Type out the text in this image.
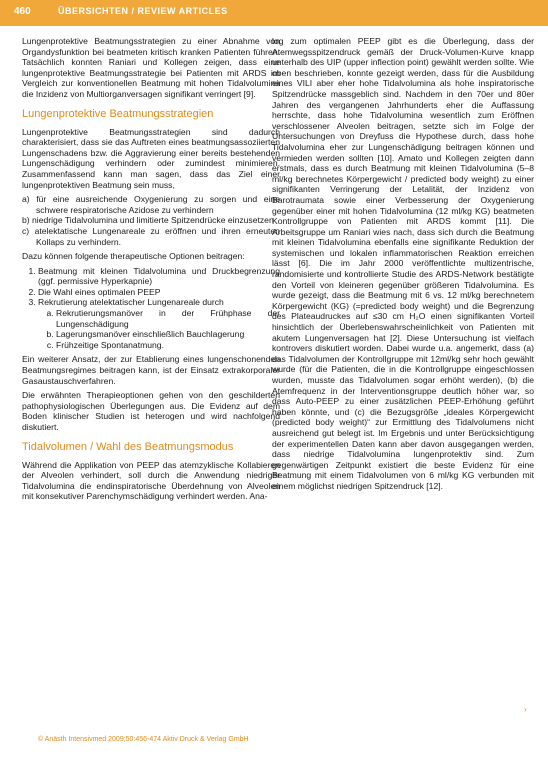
460	ÜBERSICHTEN / REVIEW ARTICLES

Lungenprotektive Beatmungsstrategien zu einer Abnahme von Organdysfunktion bei beatmeten kritisch kranken Patienten führen. Tatsächlich konnten Raniari und Kollegen zeigen, dass eine lungenprotektive Beatmungsstrategie bei Patienten mit ARDS im Vergleich zur konventionellen Beatmung mit hohen Tidalvolumina die Inzidenz von Multiorganversagen signifikant verringert [9].

Lungenprotektive Beatmungsstrategien

Lungenprotektive Beatmungsstrategien sind dadurch charakterisiert, dass sie das Auftreten eines beatmungsassoziierten Lungenschadens bzw. die Aggravierung einer bereits bestehenden Lungenschädigung verhindern oder zumindest minimieren. Zusammenfassend kann man sagen, dass das Ziel einer lungenprotektiven Beatmung sein muss,

a) für eine ausreichende Oxygenierung zu sorgen und eine schwere respiratorische Azidose zu verhindern
b) niedrige Tidalvolumina und limitierte Spitzendrücke einzusetzen
c) atelektatische Lungenareale zu eröffnen und ihren erneuten Kollaps zu verhindern.

Dazu können folgende therapeutische Optionen beitragen:

1. Beatmung mit kleinen Tidalvolumina und Druckbegrenzung (ggf. permissive Hyperkapnie)
2. Die Wahl eines optimalen PEEP
3. Rekrutierung atelektatischer Lungenareale durch
a. Rekrutierungsmanöver in der Frühphase der Lungenschädigung
b. Lagerungsmanöver einschließlich Bauchlagerung
c. Frühzeitige Spontanatmung.

Ein weiterer Ansatz, der zur Etablierung eines lungenschonenden Beatmungsregimes beitragen kann, ist der Einsatz extrakorporaler Gasaustauschverfahren.

Die erwähnten Therapieoptionen gehen von den geschilderten pathophysiologischen Überlegungen aus. Die Evidenz auf dem Boden klinischer Studien ist heterogen und wird nachfolgend diskutiert.

Tidalvolumen / Wahl des Beatmungsmodus

Während die Applikation von PEEP das atemzyklische Kollabieren der Alveolen verhindert, soll durch die Anwendung niedriger Tidalvolumina die endinspiratorische Überdehnung von Alveolen mit konsekutiver Parenchymschädigung verhindert werden. Ana-

log zum optimalen PEEP gibt es die Überlegung, dass der Atemwegsspitzendruck gemäß der Druck-Volumen-Kurve knapp unterhalb des UIP (upper inflection point) gewählt werden sollte. Wie oben beschrieben, konnte gezeigt werden, dass für die Ausbildung eines VILI aber eher hohe Tidalvolumina als hohe inspiratorische Spitzendrücke massgeblich sind. Nachdem in den 70er und 80er Jahren des vergangenen Jahrhunderts eher die Auffassung herrschte, dass hohe Tidalvolumina wesentlich zum Eröffnen verschlossener Alveolen beitragen, setzte sich im Folge der Untersuchungen von Dreyfuss die Hypothese durch, dass hohe Tidalvolumina eher zur Lungenschädigung beitragen können und vermieden werden sollten [10]. Amato und Kollegen zeigten dann erstmals, dass es durch Beatmung mit kleinen Tidalvolumina (5–8 ml/kg berechnetes Körpergewicht / predicted body weight) zu einer signifikanten Verringerung der Letalität, der Inzidenz von Barotraumata sowie einer Verbesserung der Oxygenierung gegenüber einer mit hohen Tidalvolumina (12 ml/kg KG) beatmeten Kontrollgruppe von Patienten mit ARDS kommt [11]. Die Arbeitsgruppe um Raniari wies nach, dass sich durch die Beatmung mit kleinen Tidalvolumina ebenfalls eine signifikante Reduktion der systemischen und lokalen inflammatorischen Reaktion erreichen lässt [6]. Die im Jahr 2000 veröffentlichte multizentrische, randomisierte und kontrollierte Studie des ARDS-Network bestätigte den Vorteil von kleineren gegenüber größeren Tidalvolumina. Es wurde gezeigt, dass die Beatmung mit 6 vs. 12 ml/kg berechnetem Körpergewicht (KG) (=predicted body weight) und die Begrenzung des Plateaudruckes auf ≤30 cm H₂O einen signifikanten Vorteil hinsichtlich der Überlebenswahrscheinlichkeit von Patienten mit akutem Lungenversagen hat [2]. Diese Untersuchung ist vielfach kontrovers diskutiert worden. Dabei wurde u.a. angemerkt, dass (a) das Tidalvolumen der Kontrollgruppe mit 12ml/kg sehr hoch gewählt wurde (für die Patienten, die in die Kontrollgruppe eingeschlossen wurden, musste das Tidalvolumen sogar erhöht werden), (b) die Atemfrequenz in der Interventionsgruppe deutlich höher war, so dass Auto-PEEP zu einer zusätzlichen PEEP-Erhöhung geführt haben könnte, und (c) die Bezugsgröße „ideales Körpergewicht (predicted body weight)“ zur Ermittlung des Tidalvolumens nicht ausreichend gut belegt ist. Im Ergebnis und unter Berücksichtigung der experimentellen Daten kann aber davon ausgegangen werden, dass niedrige Tidalvolumina lungenprotektiv sind. Zum gegenwärtigen Zeitpunkt existiert die beste Evidenz für eine Beatmung mit einem Tidalvolumen von 6 ml/kg KG verbunden mit einem möglichst niedrigen Spitzendruck [12].

›
© Anästh Intensivmed 2009;50:456-474 Aktiv Druck & Verlag GmbH
